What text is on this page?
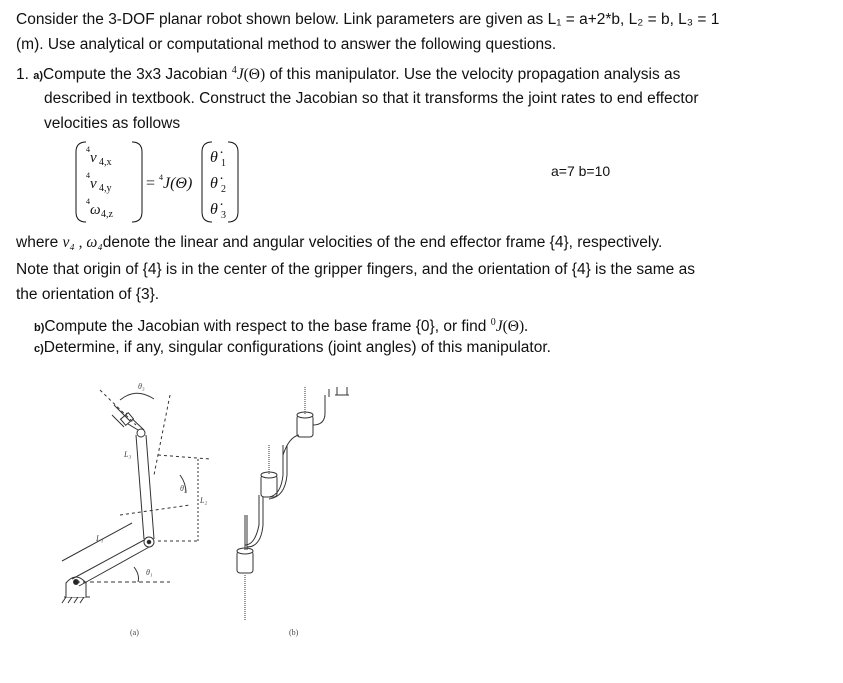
Consider the 3-DOF planar robot shown below. Link parameters are given as L₁ = a+2*b, L₂ = b, L₃ = 1
(m). Use analytical or computational method to answer the following questions.
1. a)Compute the 3x3 Jacobian $^4$J(Θ) of this manipulator. Use the velocity propagation analysis as
described in textbook. Construct the Jacobian so that it transforms the joint rates to end effector
velocities as follows
4
v 4,x
4
v 4,y
4
ω 4,z
= 4 J(Θ)
θ̇ 1
θ̇ 2
θ̇ 3
a=7 b=10
where v₄ , ω₄denote the linear and angular velocities of the end effector frame {4}, respectively.
Note that origin of {4} is in the center of the gripper fingers, and the orientation of {4} is the same as
the orientation of {3}.
b)Compute the Jacobian with respect to the base frame {0}, or find $^0$J(Θ).
c)Determine, if any, singular configurations (joint angles) of this manipulator.
θ₃
θ₂
θ₁
L₁
L₂
L₃
(a)	(b)
